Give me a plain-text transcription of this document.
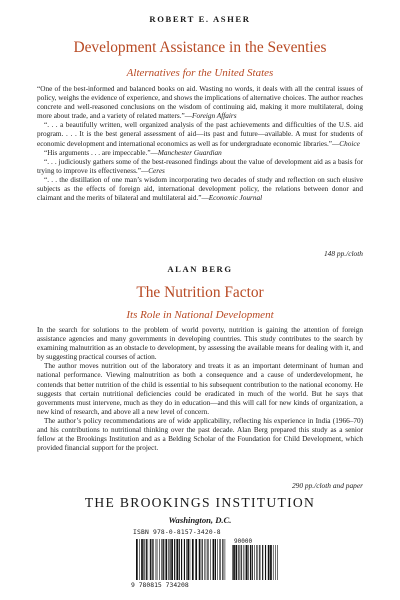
ROBERT E. ASHER
Development Assistance in the Seventies
Alternatives for the United States

“One of the best-informed and balanced books on aid. Wasting no words, it deals with all the central issues of policy, weighs the evidence of experience, and shows the implications of alternative choices. The author reaches concrete and well-reasoned conclusions on the wisdom of continuing aid, making it more multilateral, doing more about trade, and a variety of related matters.”—Foreign Affairs

“. . . a beautifully written, well organized analysis of the past achievements and difficulties of the U.S. aid program. . . . It is the best general assessment of aid—its past and future—available. A must for students of economic development and international economics as well as for undergraduate economic libraries.”—Choice

“His arguments . . . are impeccable.”—Manchester Guardian

“. . . judiciously gathers some of the best-reasoned findings about the value of development aid as a basis for trying to improve its effectiveness.”—Ceres

“. . . the distillation of one man’s wisdom incorporating two decades of study and reflection on such elusive subjects as the effects of foreign aid, international development policy, the relations between donor and claimant and the merits of bilateral and multilateral aid.”—Economic Journal

148 pp./cloth
ALAN BERG
The Nutrition Factor
Its Role in National Development

In the search for solutions to the problem of world poverty, nutrition is gaining the attention of foreign assistance agencies and many governments in developing countries. This study contributes to the search by examining malnutrition as an obstacle to development, by assessing the available means for dealing with it, and by suggesting practical courses of action.

The author moves nutrition out of the laboratory and treats it as an important determinant of human and national performance. Viewing malnutrition as both a consequence and a cause of underdevelopment, he contends that better nutrition of the child is essential to his subsequent contribution to the national economy. He suggests that certain nutritional deficiencies could be eradicated in much of the world. But he says that governments must intervene, much as they do in education—and this will call for new kinds of organization, a new kind of research, and above all a new level of concern.

The author’s policy recommendations are of wide applicability, reflecting his experience in India (1966–70) and his contributions to nutritional thinking over the past decade. Alan Berg prepared this study as a senior fellow at the Brookings Institution and as a Belding Scholar of the Foundation for Child Development, which provided financial support for the project.

290 pp./cloth and paper
THE BROOKINGS INSTITUTION
Washington, D.C.
ISBN 978-0-8157-3420-8
90000
9 780815 734208
